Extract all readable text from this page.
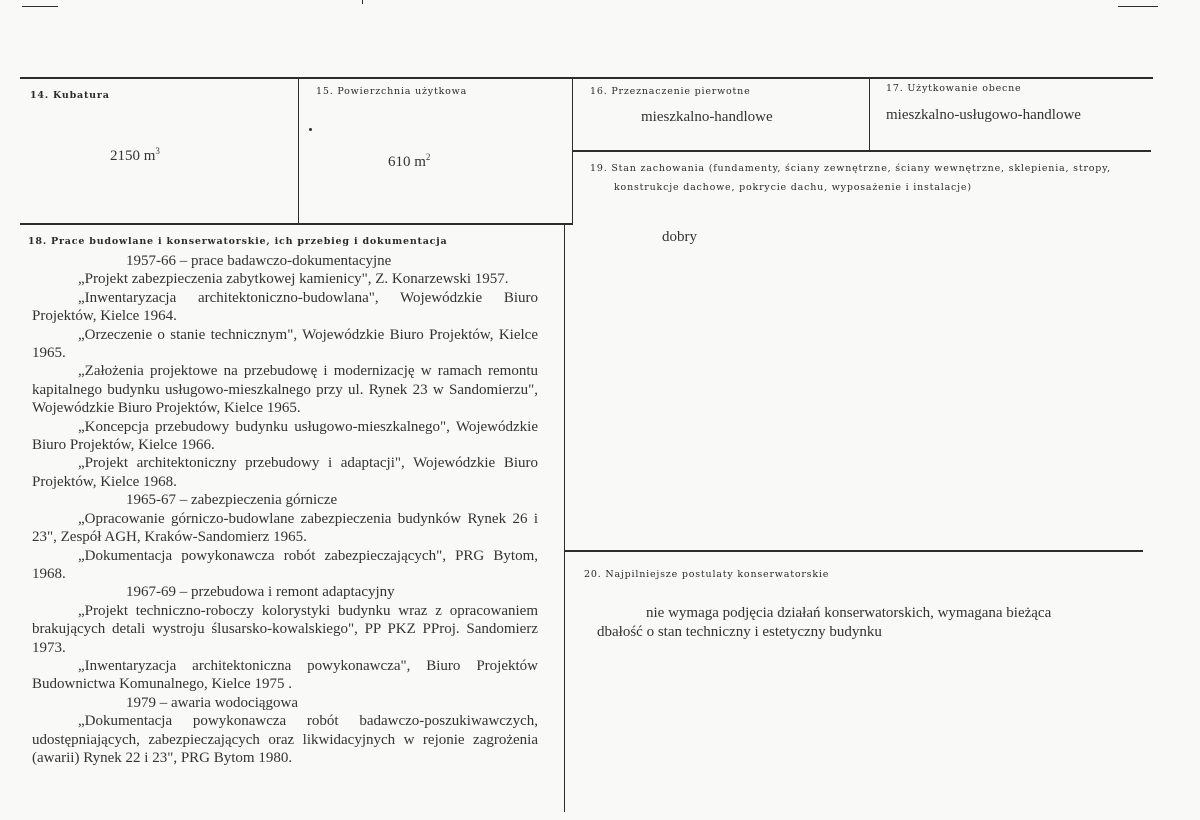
14. Kubatura
2150 $m^3$
15. Powierzchnia użytkowa
610 $m^2$
16. Przeznaczenie pierwotne
mieszkalno-handlowe
17. Użytkowanie obecne
mieszkalno-usługowo-handlowe
19. Stan zachowania (fundamenty, ściany zewnętrzne, ściany wewnętrzne, sklepienia, stropy,
konstrukcje dachowe, pokrycie dachu, wyposażenie i instalacje)
dobry
20. Najpilniejsze postulaty konserwatorskie
nie wymaga podjęcia działań konserwatorskich, wymagana bieżąca
dbałość o stan techniczny i estetyczny budynku
18. Prace budowlane i konserwatorskie, ich przebieg i dokumentacja

1957-66 – prace badawczo-dokumentacyjne

„Projekt zabezpieczenia zabytkowej kamienicy", Z. Konarzewski 1957.

„Inwentaryzacja architektoniczno-budowlana", Wojewódzkie Biuro Projektów, Kielce 1964.

„Orzeczenie o stanie technicznym", Wojewódzkie Biuro Projektów, Kielce 1965.

„Założenia projektowe na przebudowę i modernizację w ramach remontu kapitalnego budynku usługowo-mieszkalnego przy ul. Rynek 23 w Sandomierzu", Wojewódzkie Biuro Projektów, Kielce 1965.

„Koncepcja przebudowy budynku usługowo-mieszkalnego", Wojewódzkie Biuro Projektów, Kielce 1966.

„Projekt architektoniczny przebudowy i adaptacji", Wojewódzkie Biuro Projektów, Kielce 1968.

1965-67 – zabezpieczenia górnicze

„Opracowanie górniczo-budowlane zabezpieczenia budynków Rynek 26 i 23", Zespół AGH, Kraków-Sandomierz 1965.

„Dokumentacja powykonawcza robót zabezpieczających", PRG Bytom, 1968.

1967-69 – przebudowa i remont adaptacyjny

„Projekt techniczno-roboczy kolorystyki budynku wraz z opracowaniem brakujących detali wystroju ślusarsko-kowalskiego", PP PKZ PProj. Sandomierz 1973.

„Inwentaryzacja architektoniczna powykonawcza", Biuro Projektów Budownictwa Komunalnego, Kielce 1975 .

1979 – awaria wodociągowa

„Dokumentacja powykonawcza robót badawczo-poszukiwawczych, udostępniających, zabezpieczających oraz likwidacyjnych w rejonie zagrożenia (awarii) Rynek 22 i 23", PRG Bytom 1980.
